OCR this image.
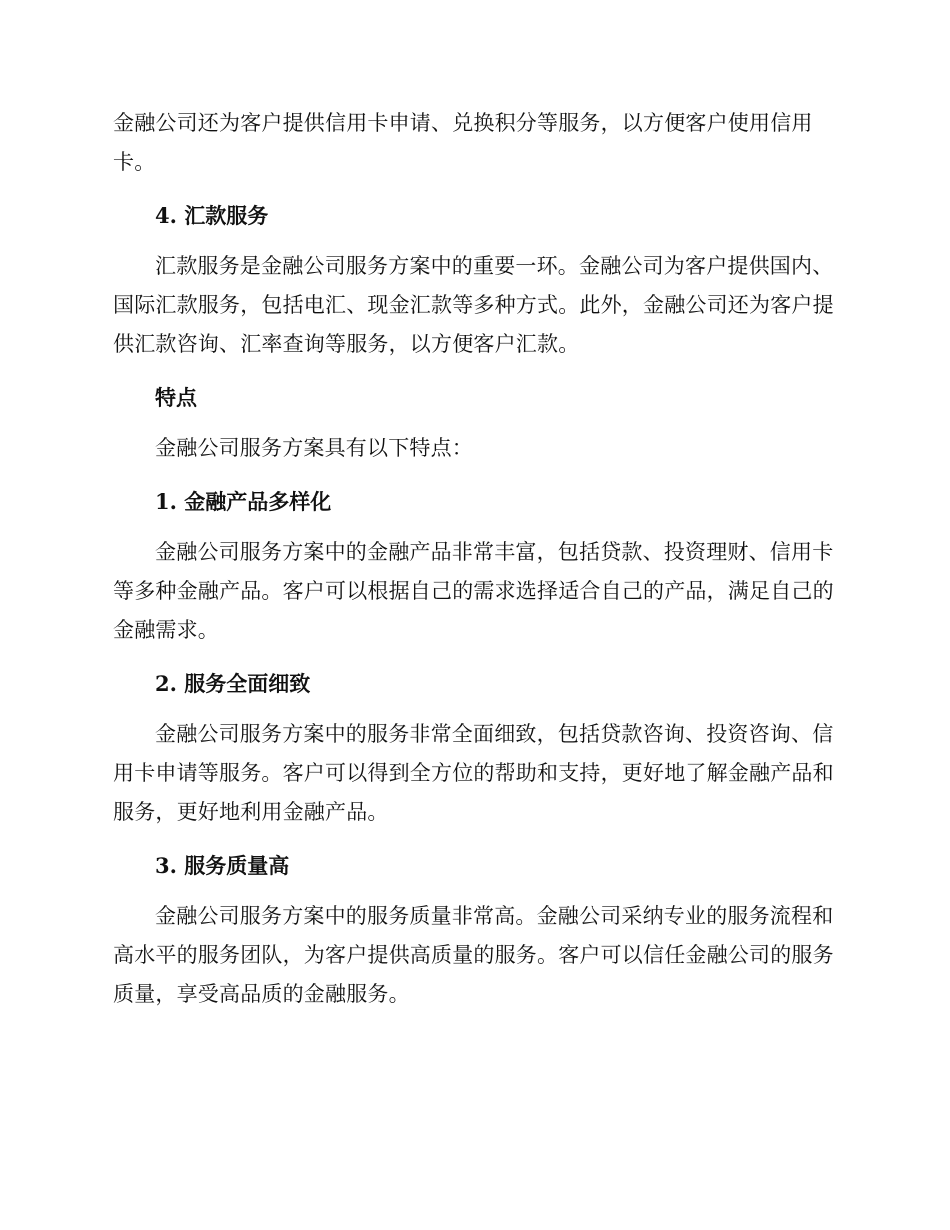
金融公司还为客户提供信用卡申请、兑换积分等服务，以方便客户使用信用卡。

4. 汇款服务

汇款服务是金融公司服务方案中的重要一环。金融公司为客户提供国内、国际汇款服务，包括电汇、现金汇款等多种方式。此外，金融公司还为客户提供汇款咨询、汇率查询等服务，以方便客户汇款。

特点

金融公司服务方案具有以下特点：

1. 金融产品多样化

金融公司服务方案中的金融产品非常丰富，包括贷款、投资理财、信用卡等多种金融产品。客户可以根据自己的需求选择适合自己的产品，满足自己的金融需求。

2. 服务全面细致

金融公司服务方案中的服务非常全面细致，包括贷款咨询、投资咨询、信用卡申请等服务。客户可以得到全方位的帮助和支持，更好地了解金融产品和服务，更好地利用金融产品。

3. 服务质量高

金融公司服务方案中的服务质量非常高。金融公司采纳专业的服务流程和高水平的服务团队，为客户提供高质量的服务。客户可以信任金融公司的服务质量，享受高品质的金融服务。
